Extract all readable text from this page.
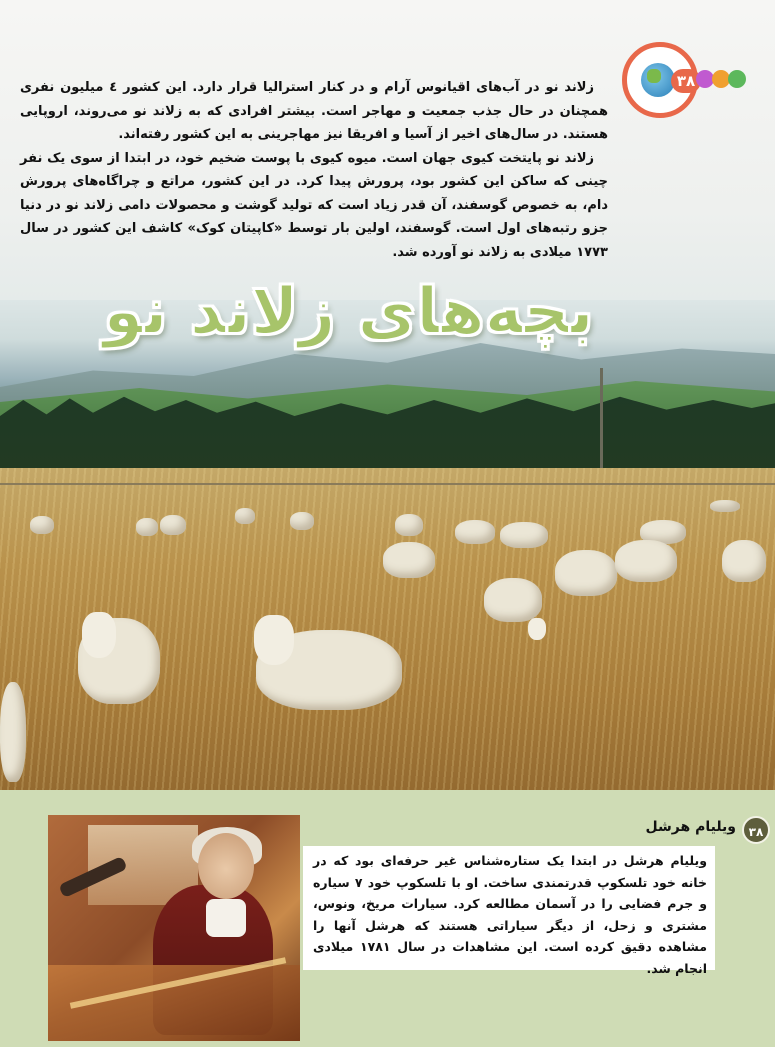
۳۸

زلاند نو در آب‌های اقیانوس آرام و در کنار استرالیا قرار دارد. این کشور ٤ میلیون نفری همچنان در حال جذب جمعیت و مهاجر است. بیشتر افرادی که به زلاند نو می‌روند، اروپایی هستند. در سال‌های اخیر از آسیا و افریقا نیز مهاجرینی به این کشور رفته‌اند.

زلاند نو پایتخت کیوی جهان است. میوه کیوی با پوست ضخیم خود، در ابتدا از سوی یک نفر چینی که ساکن این کشور بود، پرورش پیدا کرد. در این کشور، مراتع و چراگاه‌های پرورش دام، به خصوص گوسفند، آن قدر زیاد است که تولید گوشت و محصولات دامی زلاند نو در دنیا جزو رتبه‌های اول است. گوسفند، اولین بار توسط «کاپیتان کوک» کاشف این کشور در سال ۱۷۷۳ میلادی به زلاند نو آورده شد.

بچه‌های زلاند نو
۳۸
ویلیام هرشل
ویلیام هرشل در ابتدا یک ستاره‌شناس غیر حرفه‌ای بود که در خانه خود تلسکوپ قدرتمندی ساخت. او با تلسکوپ خود ۷ سیاره و جرم فضایی را در آسمان مطالعه کرد. سیارات مریخ، ونوس، مشتری و زحل، از دیگر سیاراتی هستند که هرشل آنها را مشاهده دقیق کرده است. این مشاهدات در سال ۱۷۸۱ میلادی انجام شد.
